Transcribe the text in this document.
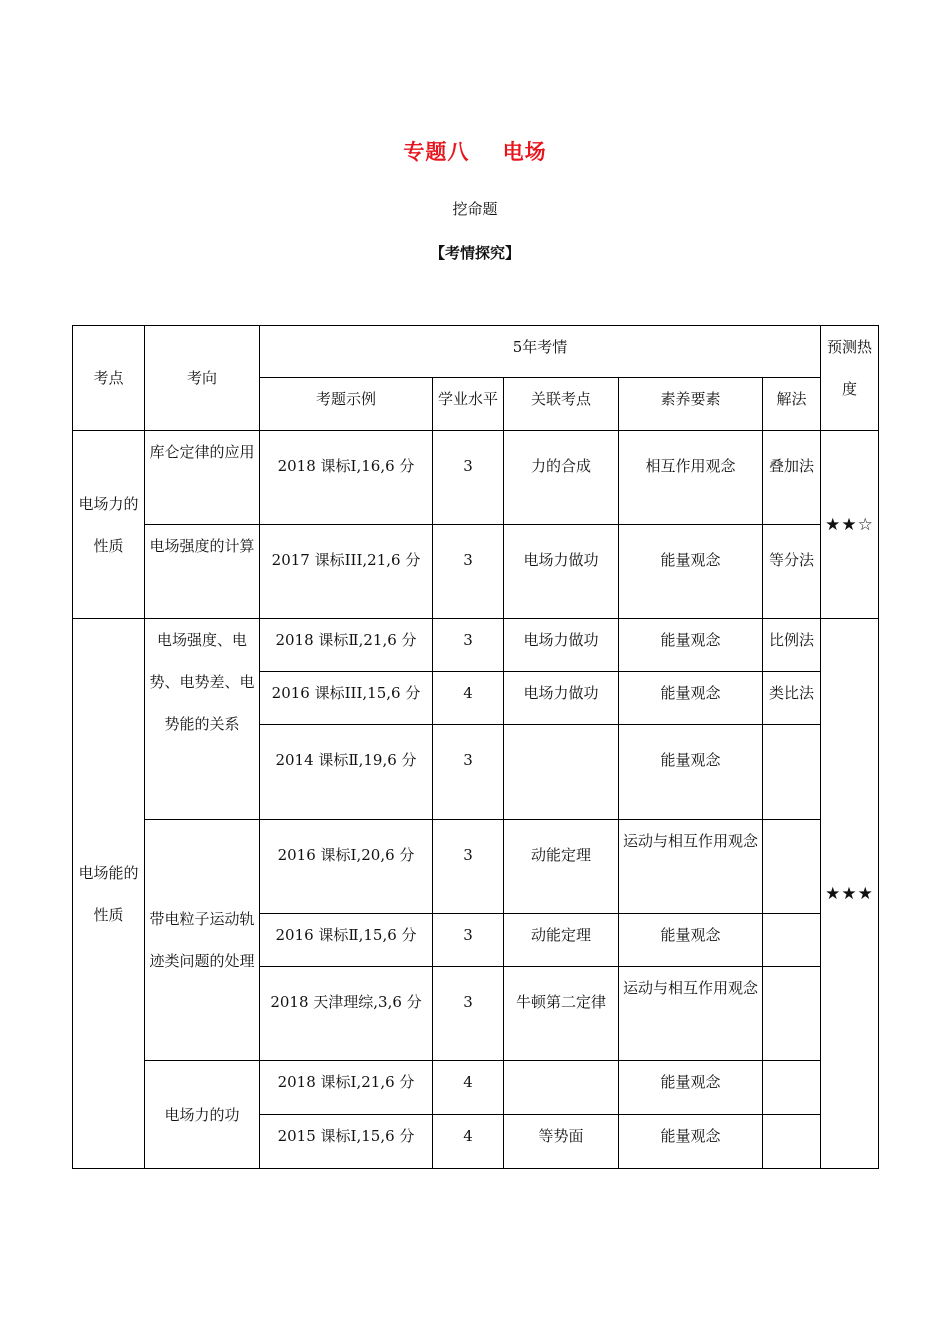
专题八    电场
挖命题
【考情探究】
考点	考向	5年考情					预测热度
		考题示例	学业水平	关联考点	素养要素	解法	
电场力的性质	库仑定律的应用	2018 课标Ⅰ,16,6 分	3	力的合成	相互作用观念	叠加法	★★☆
	电场强度的计算	2017 课标III,21,6 分	3	电场力做功	能量观念	等分法	
电场能的性质	电场强度、电势、电势差、电势能的关系	2018 课标Ⅱ,21,6 分	3	电场力做功	能量观念	比例法	★★★
		2016 课标III,15,6 分	4	电场力做功	能量观念	类比法	
		2014 课标Ⅱ,19,6 分	3		能量观念		
	带电粒子运动轨迹类问题的处理	2016 课标Ⅰ,20,6 分	3	动能定理	运动与相互作用观念		
		2016 课标Ⅱ,15,6 分	3	动能定理	能量观念		
		2018 天津理综,3,6 分	3	牛顿第二定律	运动与相互作用观念		
	电场力的功	2018 课标Ⅰ,21,6 分	4		能量观念		
		2015 课标Ⅰ,15,6 分	4	等势面	能量观念		
